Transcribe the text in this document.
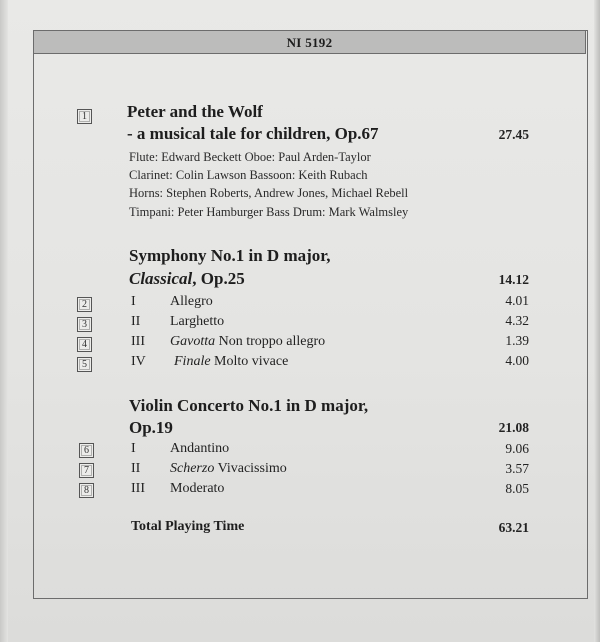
NI 5192
1 Peter and the Wolf
- a musical tale for children, Op.67	27.45
Flute: Edward Beckett Oboe: Paul Arden-Taylor
Clarinet: Colin Lawson Bassoon: Keith Rubach
Horns: Stephen Roberts, Andrew Jones, Michael Rebell
Timpani: Peter Hamburger Bass Drum: Mark Walmsley
Symphony No.1 in D major,
Classical, Op.25	14.12
2	I Allegro	4.01
3	II Larghetto	4.32
4	III Gavotta Non troppo allegro	1.39
5	IV Finale Molto vivace	4.00
Violin Concerto No.1 in D major,
Op.19	21.08
6	I Andantino	9.06
7	II Scherzo Vivacissimo	3.57
8	III Moderato	8.05
Total Playing Time	63.21
